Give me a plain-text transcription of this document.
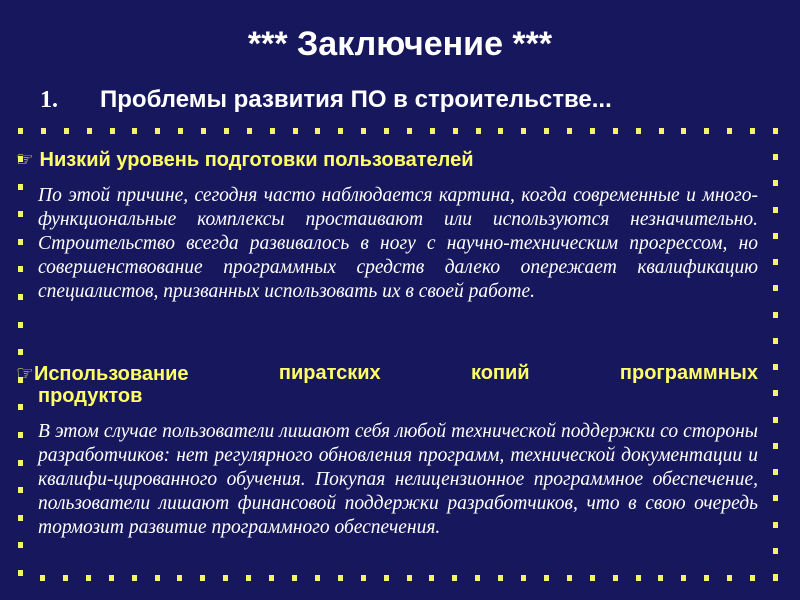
*** Заключение ***
1. Проблемы развития ПО в строительстве...
☞ Низкий уровень подготовки пользователей
По этой причине, сегодня часто наблюдается картина, когда современные и много-функциональные комплексы простаивают или используются незначительно. Строительство всегда развивалось в ногу с научно-техническим прогрессом, но совершенствование программных средств далеко опережает квалификацию специалистов, призванных использовать их в своей работе.
☞Использование	пиратских	копий	программных
продуктов
В этом случае пользователи лишают себя любой технической поддержки со стороны разработчиков: нет регулярного обновления программ, технической документации и квалифи-цированного обучения. Покупая нелицензионное программное обеспечение, пользователи лишают финансовой поддержки разработчиков, что в свою очередь тормозит развитие программного обеспечения.
